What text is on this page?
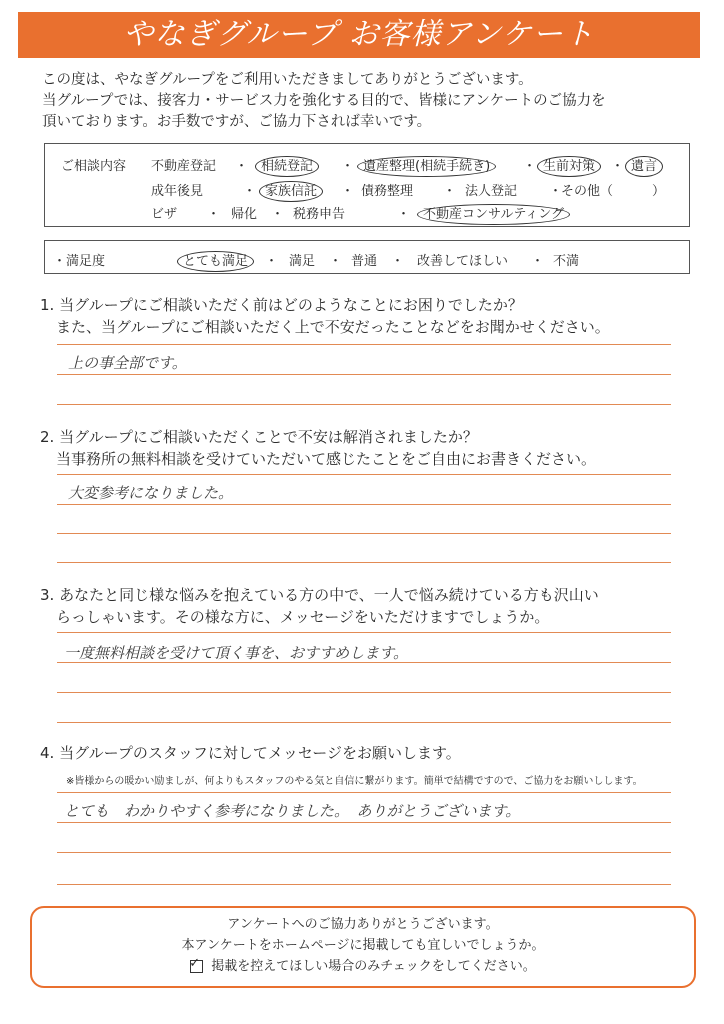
やなぎグループ お客様アンケート
この度は、やなぎグループをご利用いただきましてありがとうございます。
当グループでは、接客力・サービス力を強化する目的で、皆様にアンケートのご協力を
頂いております。お手数ですが、ご協力下されば幸いです。
ご相談内容 不動産登記 ・ 相続登記 ・ 遺産整理(相続手続き)	・ 生前対策 ・ 遺言
成年後見	・ 家族信託 ・ 債務整理 ・ 法人登記 ・
その他（　　　）
ビザ ・ 帰化 ・ 税務申告	・ 不動産コンサルティング
・満足度	とても満足 ・ 満足 ・ 普通 ・ 改善してほしい ・ 不満
1. 当グループにご相談いただく前はどのようなことにお困りでしたか？
また、当グループにご相談いただく上で不安だったことなどをお聞かせください。
上の事全部です。
2. 当グループにご相談いただくことで不安は解消されましたか？
当事務所の無料相談を受けていただいて感じたことをご自由にお書きください。
大変参考になりました。
3. あなたと同じ様な悩みを抱えている方の中で、一人で悩み続けている方も沢山い
らっしゃいます。その様な方に、メッセージをいただけますでしょうか。
一度無料相談を受けて頂く事を、おすすめします。
4. 当グループのスタッフに対してメッセージをお願いします。
※皆様からの暖かい励ましが、何よりもスタッフのやる気と自信に繋がります。簡単で結構ですので、ご協力をお願いしします。
とても　わかりやすく参考になりました。　ありがとうございます。
アンケートへのご協力ありがとうございます。
本アンケートをホームページに掲載しても宜しいでしょうか。
✓ 掲載を控えてほしい場合のみチェックをしてください。
